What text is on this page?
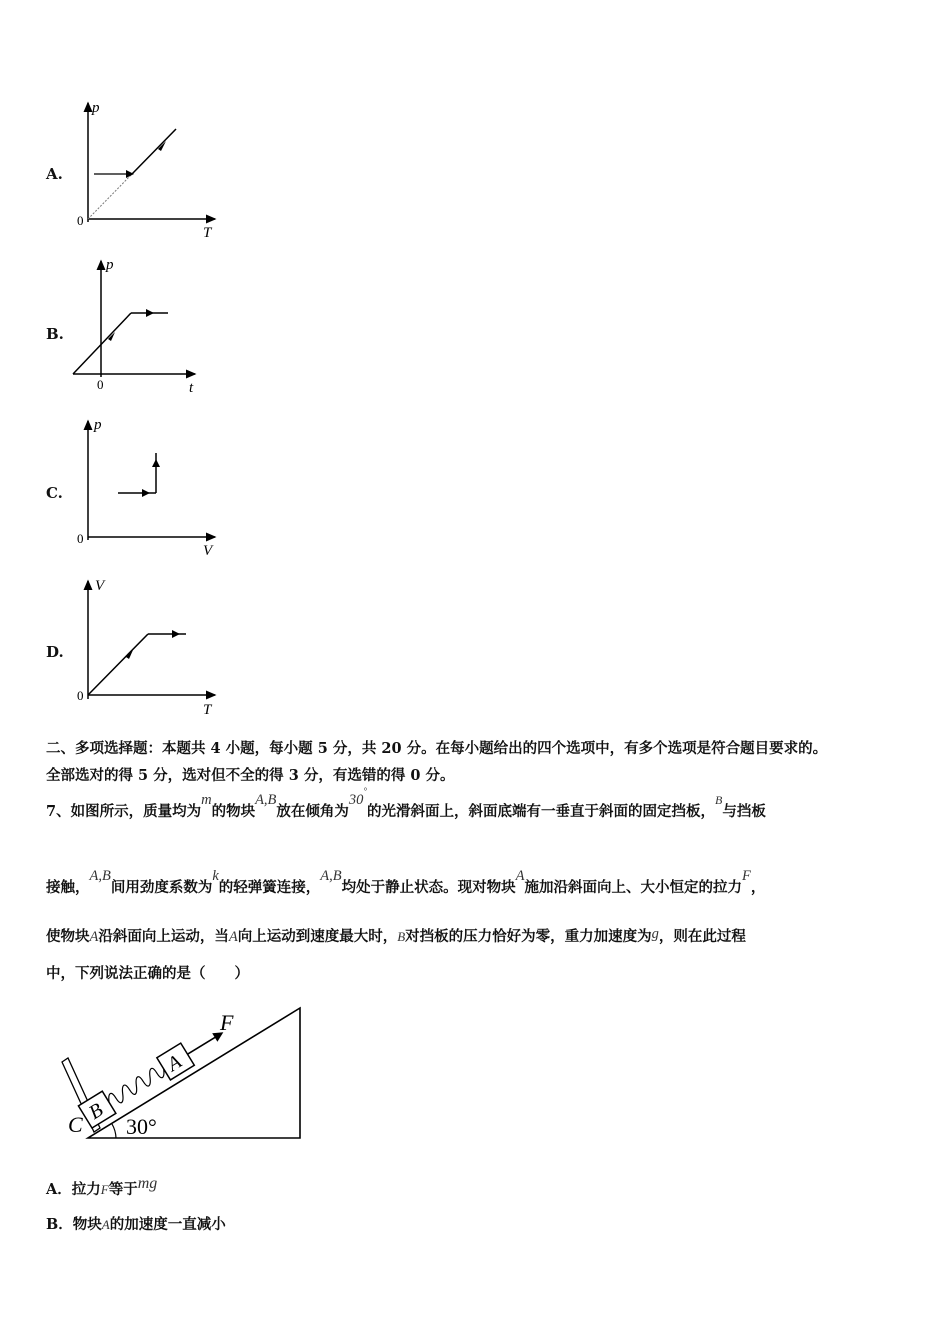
A.
p
T
0
B.
p
t
0
C.
p
V
0
D.
V
T
0
二、多项选择题：本题共 4 小题，每小题 5 分，共 20 分。在每小题给出的四个选项中，有多个选项是符合题目要求的。
全部选对的得 5 分，选对但不全的得 3 分，有选错的得 0 分。
7、如图所示，质量均为m的物块A,B放在倾角为30°的光滑斜面上，斜面底端有一垂直于斜面的固定挡板，$^B$与挡板
接触，A,B间用劲度系数为k的轻弹簧连接，A,B均处于静止状态。现对物块A施加沿斜面向上、大小恒定的拉力F，
使物块A沿斜面向上运动，当A向上运动到速度最大时，B对挡板的压力恰好为零，重力加速度为g，则在此过程
中，下列说法正确的是（　　）
B
A
F
C 30°
A．拉力F等于mg
B．物块A的加速度一直减小
